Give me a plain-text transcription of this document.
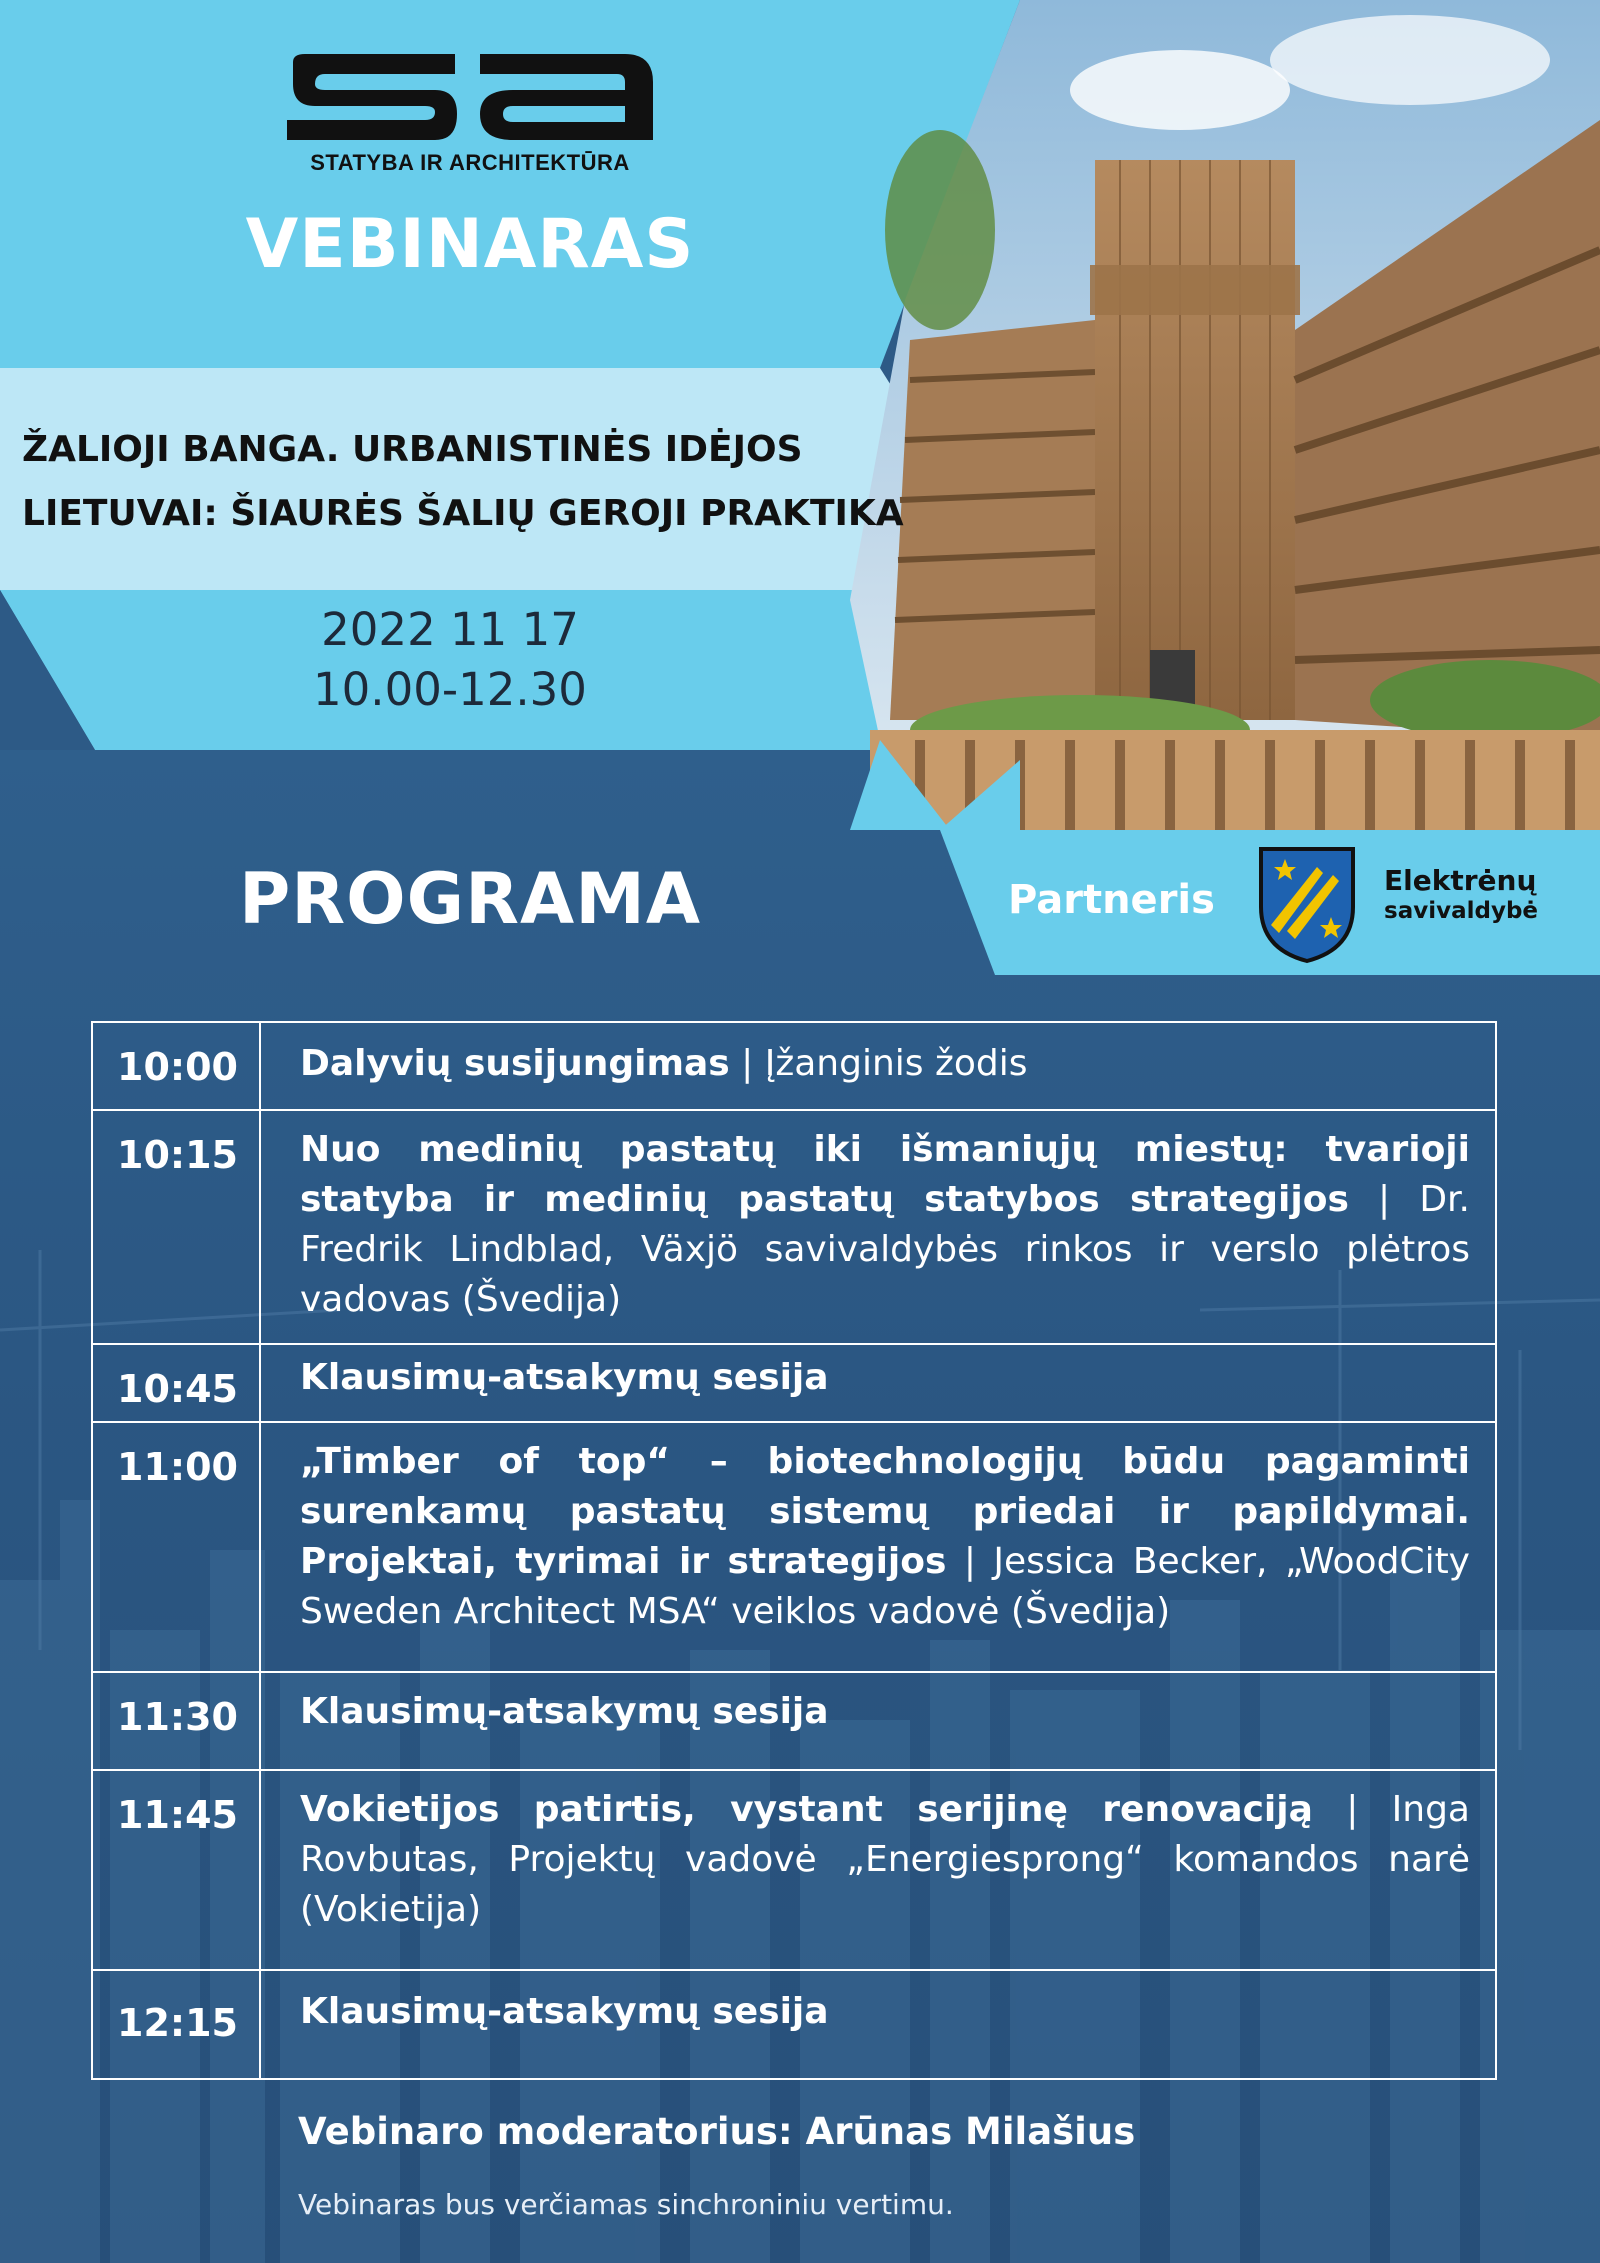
STATYBA IR ARCHITEKTŪRA
VEBINARAS
ŽALIOJI BANGA. URBANISTINĖS IDĖJOS
LIETUVAI: ŠIAURĖS ŠALIŲ GEROJI PRAKTIKA
2022 11 17
10.00-12.30
PROGRAMA	Partneris	Elektrėnų
savivaldybė
10:00	Dalyvių susijungimas | Įžanginis žodis
10:15	Nuo medinių pastatų iki išmaniųjų miestų: tvarioji statyba ir medinių pastatų statybos strategijos | Dr. Fredrik Lindblad, Växjö savivaldybės rinkos ir verslo plėtros vadovas (Švedija)
10:45	Klausimų-atsakymų sesija
11:00	„Timber of top“ – biotechnologijų būdu pagaminti surenkamų pastatų sistemų priedai ir papildymai. Projektai, tyrimai ir strategijos | Jessica Becker, „WoodCity Sweden Architect MSA“ veiklos vadovė (Švedija)
11:30	Klausimų-atsakymų sesija
11:45	Vokietijos patirtis, vystant serijinę renovaciją | Inga Rovbutas, Projektų vadovė „Energiesprong“ komandos narė (Vokietija)
12:15	Klausimų-atsakymų sesija
Vebinaro moderatorius: Arūnas Milašius
Vebinaras bus verčiamas sinchroniniu vertimu.
